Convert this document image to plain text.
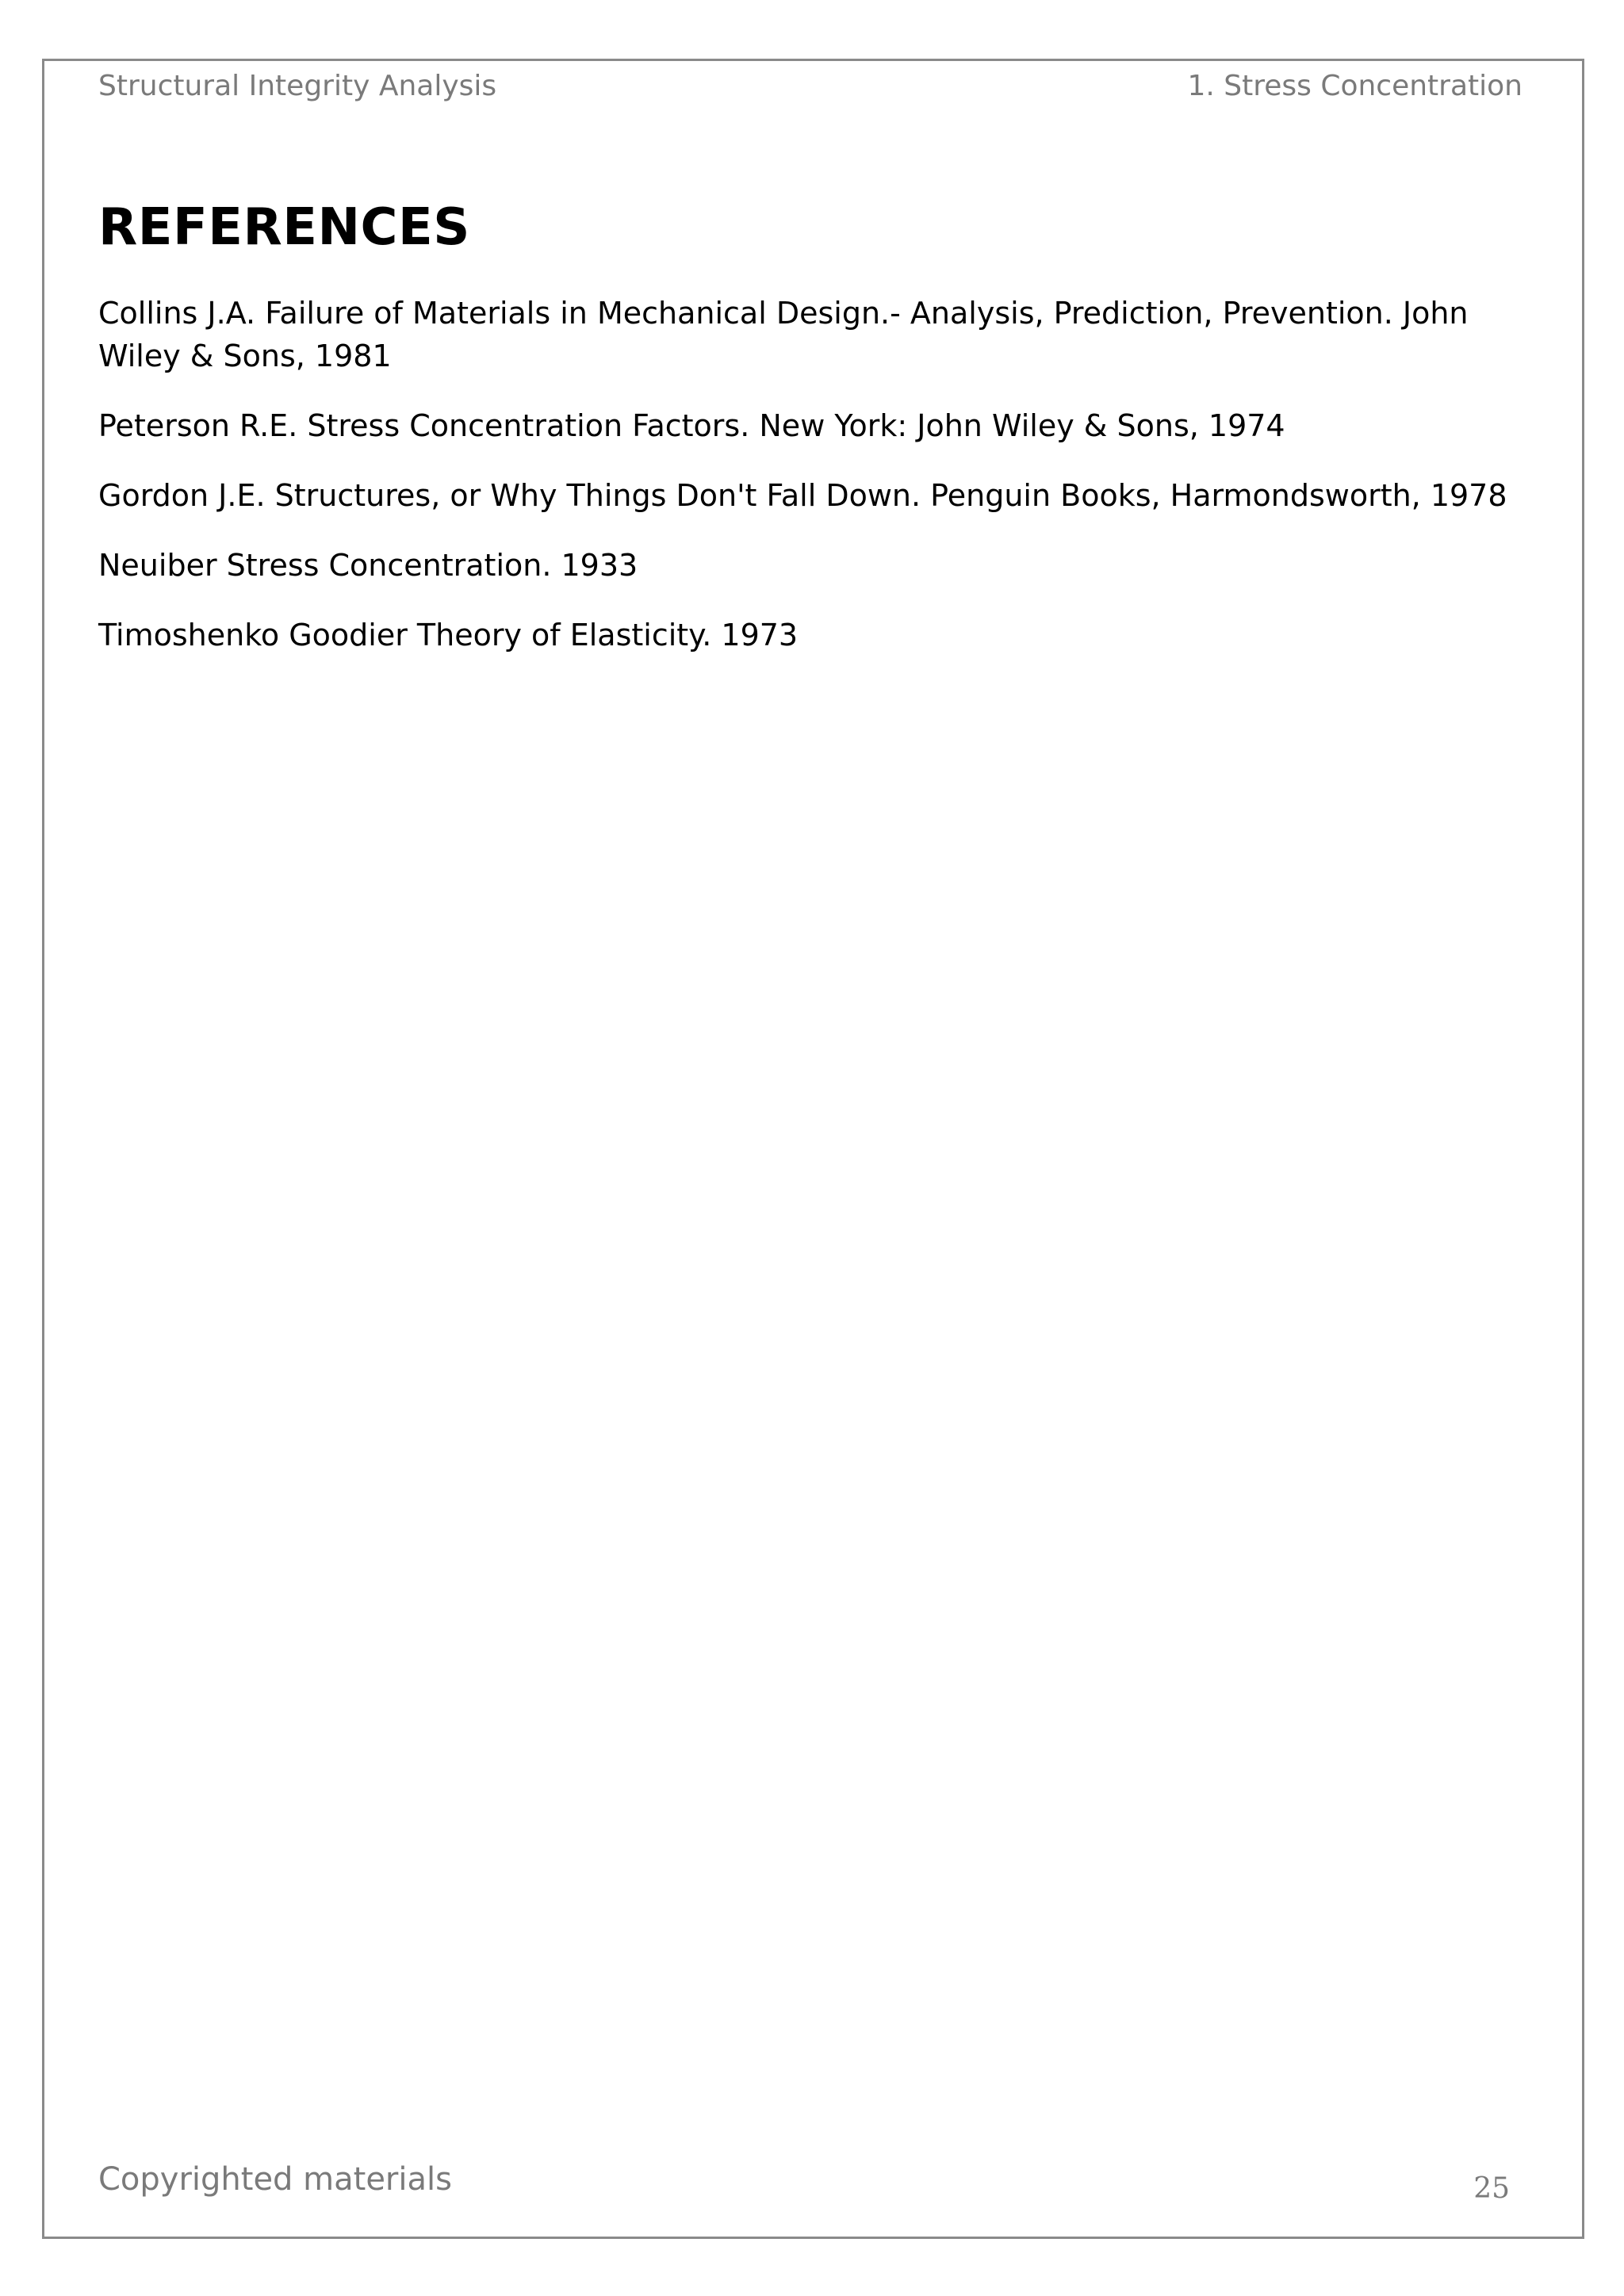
Structural Integrity Analysis	1. Stress Concentration
REFERENCES
Collins J.A. Failure of Materials in Mechanical Design.- Analysis, Prediction, Prevention. John Wiley & Sons, 1981
Peterson R.E. Stress Concentration Factors. New York: John Wiley & Sons, 1974
Gordon J.E. Structures, or Why Things Don't Fall Down. Penguin Books, Harmondsworth, 1978
Neuiber Stress Concentration. 1933
Timoshenko Goodier Theory of Elasticity. 1973
Copyrighted materials	25
